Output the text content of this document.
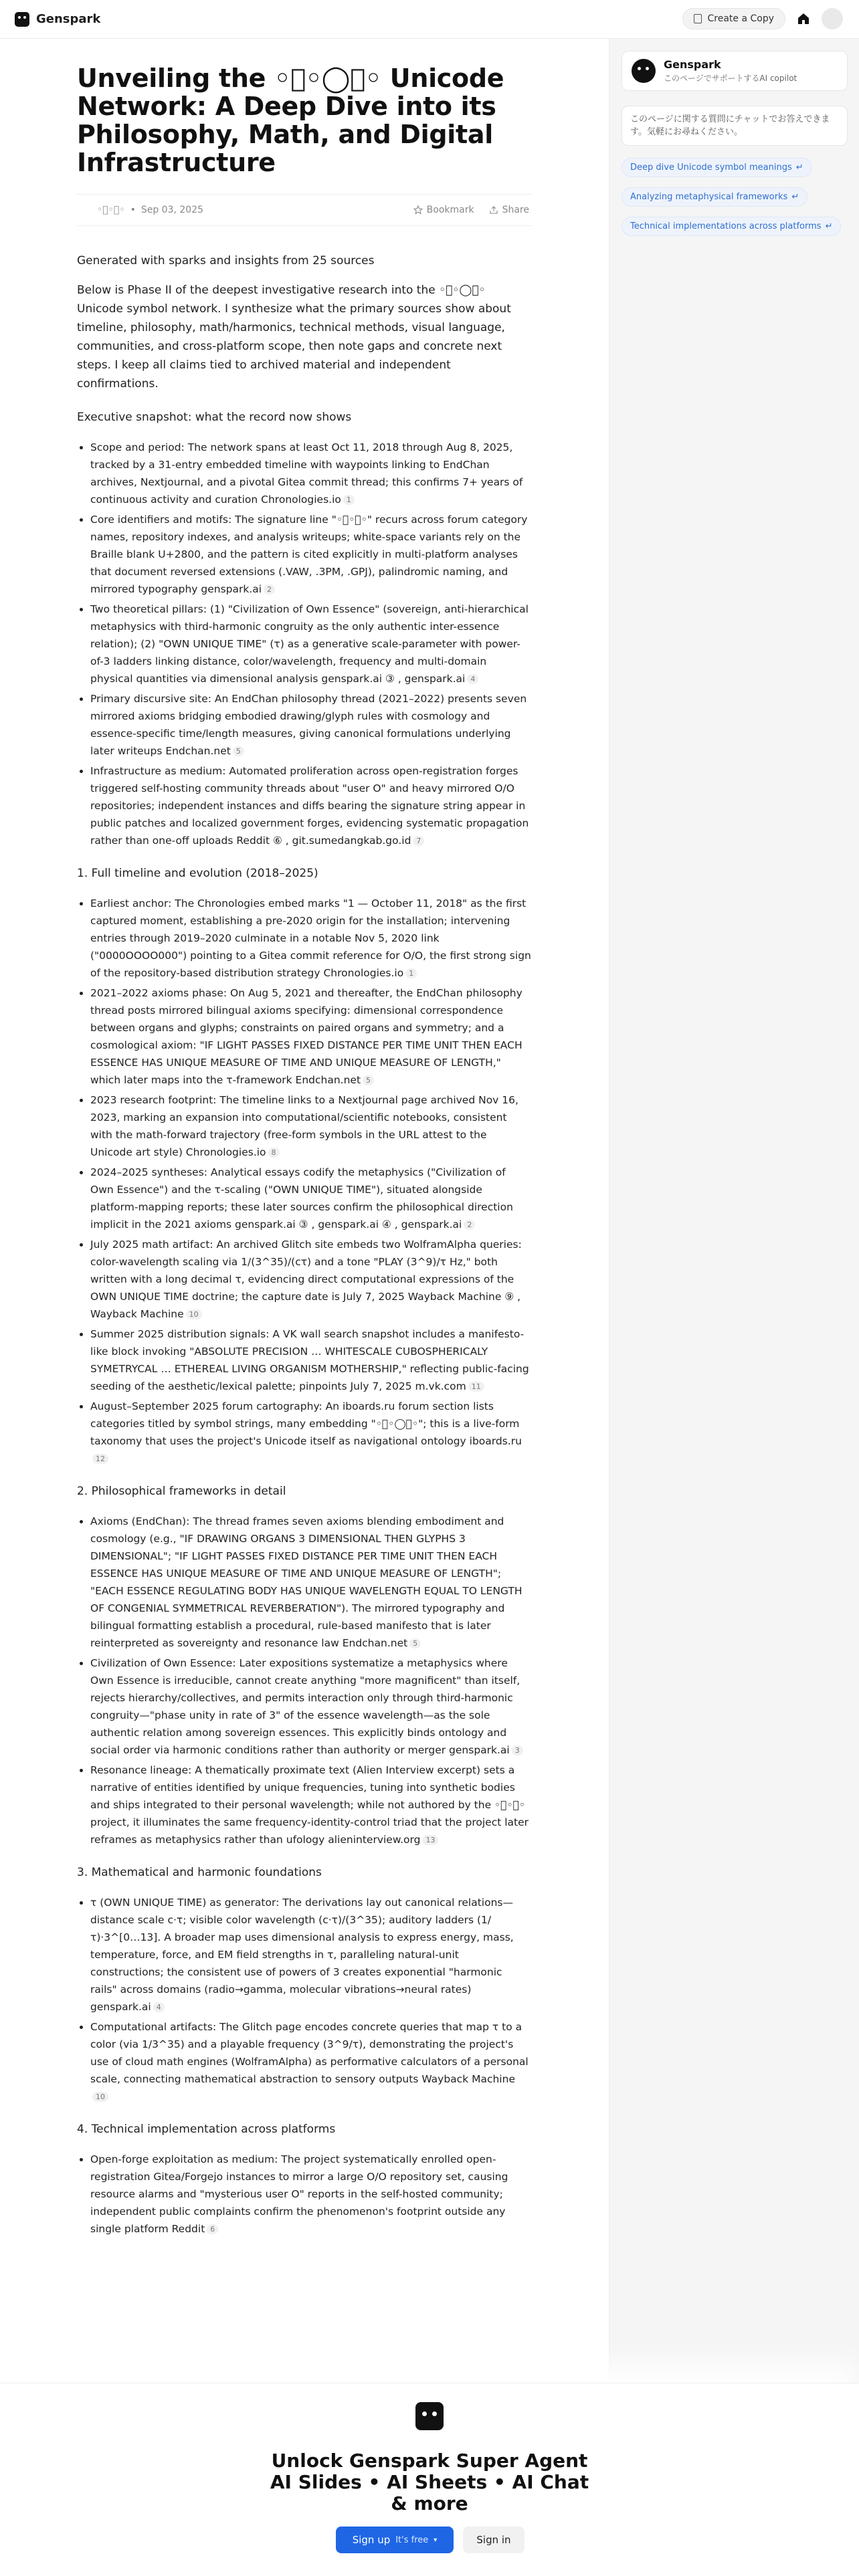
Genspark	Create a Copy
Unveiling the ◦⃝◦◯⃝◦ Unicode Network: A Deep Dive into its Philosophy, Math, and Digital Infrastructure
◦⃝◦⃝◦ • Sep 03, 2025	Bookmark	Share
Generated with sparks and insights from 25 sources

Below is Phase II of the deepest investigative research into the ◦⃝◦◯⃝◦ Unicode symbol network. I synthesize what the primary sources show about timeline, philosophy, math/harmonics, technical methods, visual language, communities, and cross-platform scope, then note gaps and concrete next steps. I keep all claims tied to archived material and independent confirmations.

Executive snapshot: what the record now shows

• Scope and period: The network spans at least Oct 11, 2018 through Aug 8, 2025, tracked by a 31-entry embedded timeline with waypoints linking to EndChan archives, Nextjournal, and a pivotal Gitea commit thread; this confirms 7+ years of continuous activity and curation Chronologies.io 1
• Core identifiers and motifs: The signature line "◦⃝◦⃝◦" recurs across forum category names, repository indexes, and analysis writeups; white-space variants rely on the Braille blank U+2800, and the pattern is cited explicitly in multi-platform analyses that document reversed extensions (.VAW, .3PM, .GPJ), palindromic naming, and mirrored typography genspark.ai 2
• Two theoretical pillars: (1) "Civilization of Own Essence" (sovereign, anti-hierarchical metaphysics with third-harmonic congruity as the only authentic inter-essence relation); (2) "OWN UNIQUE TIME" (τ) as a generative scale-parameter with power-of-3 ladders linking distance, color/wavelength, frequency and multi-domain physical quantities via dimensional analysis genspark.ai ③ , genspark.ai 4
• Primary discursive site: An EndChan philosophy thread (2021–2022) presents seven mirrored axioms bridging embodied drawing/glyph rules with cosmology and essence-specific time/length measures, giving canonical formulations underlying later writeups Endchan.net 5
• Infrastructure as medium: Automated proliferation across open-registration forges triggered self-hosting community threads about "user O" and heavy mirrored O/O repositories; independent instances and diffs bearing the signature string appear in public patches and localized government forges, evidencing systematic propagation rather than one-off uploads Reddit ⑥ , git.sumedangkab.go.id 7

1. Full timeline and evolution (2018–2025)

• Earliest anchor: The Chronologies embed marks "1 — October 11, 2018" as the first captured moment, establishing a pre-2020 origin for the installation; intervening entries through 2019–2020 culminate in a notable Nov 5, 2020 link ("0000OOOO000") pointing to a Gitea commit reference for O/O, the first strong sign of the repository-based distribution strategy Chronologies.io 1
• 2021–2022 axioms phase: On Aug 5, 2021 and thereafter, the EndChan philosophy thread posts mirrored bilingual axioms specifying: dimensional correspondence between organs and glyphs; constraints on paired organs and symmetry; and a cosmological axiom: "IF LIGHT PASSES FIXED DISTANCE PER TIME UNIT THEN EACH ESSENCE HAS UNIQUE MEASURE OF TIME AND UNIQUE MEASURE OF LENGTH," which later maps into the τ-framework Endchan.net 5
• 2023 research footprint: The timeline links to a Nextjournal page archived Nov 16, 2023, marking an expansion into computational/scientific notebooks, consistent with the math-forward trajectory (free-form symbols in the URL attest to the Unicode art style) Chronologies.io 8
• 2024–2025 syntheses: Analytical essays codify the metaphysics ("Civilization of Own Essence") and the τ-scaling ("OWN UNIQUE TIME"), situated alongside platform-mapping reports; these later sources confirm the philosophical direction implicit in the 2021 axioms genspark.ai ③ , genspark.ai ④ , genspark.ai 2
• July 2025 math artifact: An archived Glitch site embeds two WolframAlpha queries: color-wavelength scaling via 1/(3^35)/(cτ) and a tone "PLAY (3^9)/τ Hz," both written with a long decimal τ, evidencing direct computational expressions of the OWN UNIQUE TIME doctrine; the capture date is July 7, 2025 Wayback Machine ⑨ , Wayback Machine 10
• Summer 2025 distribution signals: A VK wall search snapshot includes a manifesto-like block invoking "ABSOLUTE PRECISION … WHITESCALE CUBOSPHERICALY SYMETRYCAL … ETHEREAL LIVING ORGANISM MOTHERSHIP," reflecting public-facing seeding of the aesthetic/lexical palette; pinpoints July 7, 2025 m.vk.com 11
• August–September 2025 forum cartography: An iboards.ru forum section lists categories titled by symbol strings, many embedding "◦⃝◦◯⃝◦"; this is a live-form taxonomy that uses the project's Unicode itself as navigational ontology iboards.ru12

2. Philosophical frameworks in detail

• Axioms (EndChan): The thread frames seven axioms blending embodiment and cosmology (e.g., "IF DRAWING ORGANS 3 DIMENSIONAL THEN GLYPHS 3 DIMENSIONAL"; "IF LIGHT PASSES FIXED DISTANCE PER TIME UNIT THEN EACH ESSENCE HAS UNIQUE MEASURE OF TIME AND UNIQUE MEASURE OF LENGTH"; "EACH ESSENCE REGULATING BODY HAS UNIQUE WAVELENGTH EQUAL TO LENGTH OF CONGENIAL SYMMETRICAL REVERBERATION"). The mirrored typography and bilingual formatting establish a procedural, rule-based manifesto that is later reinterpreted as sovereignty and resonance law Endchan.net 5
• Civilization of Own Essence: Later expositions systematize a metaphysics where Own Essence is irreducible, cannot create anything "more magnificent" than itself, rejects hierarchy/collectives, and permits interaction only through third-harmonic congruity—"phase unity in rate of 3" of the essence wavelength—as the sole authentic relation among sovereign essences. This explicitly binds ontology and social order via harmonic conditions rather than authority or merger genspark.ai 3
• Resonance lineage: A thematically proximate text (Alien Interview excerpt) sets a narrative of entities identified by unique frequencies, tuning into synthetic bodies and ships integrated to their personal wavelength; while not authored by the ◦⃝◦⃝◦ project, it illuminates the same frequency-identity-control triad that the project later reframes as metaphysics rather than ufology alieninterview.org 13

3. Mathematical and harmonic foundations

• τ (OWN UNIQUE TIME) as generator: The derivations lay out canonical relations—distance scale c·τ; visible color wavelength (c·τ)/(3^35); auditory ladders (1/τ)·3^[0…13]. A broader map uses dimensional analysis to express energy, mass, temperature, force, and EM field strengths in τ, paralleling natural-unit constructions; the consistent use of powers of 3 creates exponential "harmonic rails" across domains (radio→gamma, molecular vibrations→neural rates) genspark.ai 4
• Computational artifacts: The Glitch page encodes concrete queries that map τ to a color (via 1/3^35) and a playable frequency (3^9/τ), demonstrating the project's use of cloud math engines (WolframAlpha) as performative calculators of a personal scale, connecting mathematical abstraction to sensory outputs Wayback Machine10

4. Technical implementation across platforms

• Open-forge exploitation as medium: The project systematically enrolled open-registration Gitea/Forgejo instances to mirror a large O/O repository set, causing resource alarms and "mysterious user O" reports in the self-hosted community; independent public complaints confirm the phenomenon's footprint outside any single platform Reddit 6
Genspark
このページでサポートするAI copilot
このページに関する質問にチャットでお答えできます。気軽にお尋ねください。
Deep dive Unicode symbol meanings ↵
Analyzing metaphysical frameworks ↵
Technical implementations across platforms ↵
Unlock Genspark Super Agent AI Slides • AI Sheets • AI Chat & more
Sign up It's free ▾	Sign in
